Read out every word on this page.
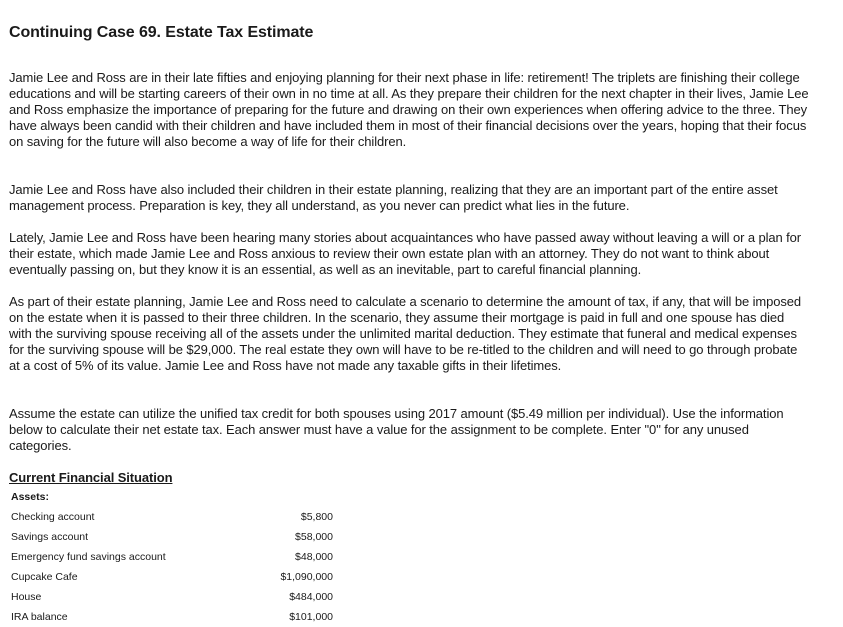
Continuing Case 69. Estate Tax Estimate

Jamie Lee and Ross are in their late fifties and enjoying planning for their next phase in life: retirement! The triplets are finishing their college educations and will be starting careers of their own in no time at all. As they prepare their children for the next chapter in their lives, Jamie Lee and Ross emphasize the importance of preparing for the future and drawing on their own experiences when offering advice to the three. They have always been candid with their children and have included them in most of their financial decisions over the years, hoping that their focus on saving for the future will also become a way of life for their children.

Jamie Lee and Ross have also included their children in their estate planning, realizing that they are an important part of the entire asset management process. Preparation is key, they all understand, as you never can predict what lies in the future.

Lately, Jamie Lee and Ross have been hearing many stories about acquaintances who have passed away without leaving a will or a plan for their estate, which made Jamie Lee and Ross anxious to review their own estate plan with an attorney. They do not want to think about eventually passing on, but they know it is an essential, as well as an inevitable, part to careful financial planning.

As part of their estate planning, Jamie Lee and Ross need to calculate a scenario to determine the amount of tax, if any, that will be imposed on the estate when it is passed to their three children. In the scenario, they assume their mortgage is paid in full and one spouse has died with the surviving spouse receiving all of the assets under the unlimited marital deduction. They estimate that funeral and medical expenses for the surviving spouse will be $29,000. The real estate they own will have to be re-titled to the children and will need to go through probate at a cost of 5% of its value. Jamie Lee and Ross have not made any taxable gifts in their lifetimes.

Assume the estate can utilize the unified tax credit for both spouses using 2017 amount ($5.49 million per individual). Use the information below to calculate their net estate tax. Each answer must have a value for the assignment to be complete. Enter "0" for any unused categories.

Current Financial Situation
Assets:
Checking account	$5,800
Savings account	$58,000
Emergency fund savings account	$48,000
Cupcake Cafe	$1,090,000
House	$484,000
IRA balance	$101,000
